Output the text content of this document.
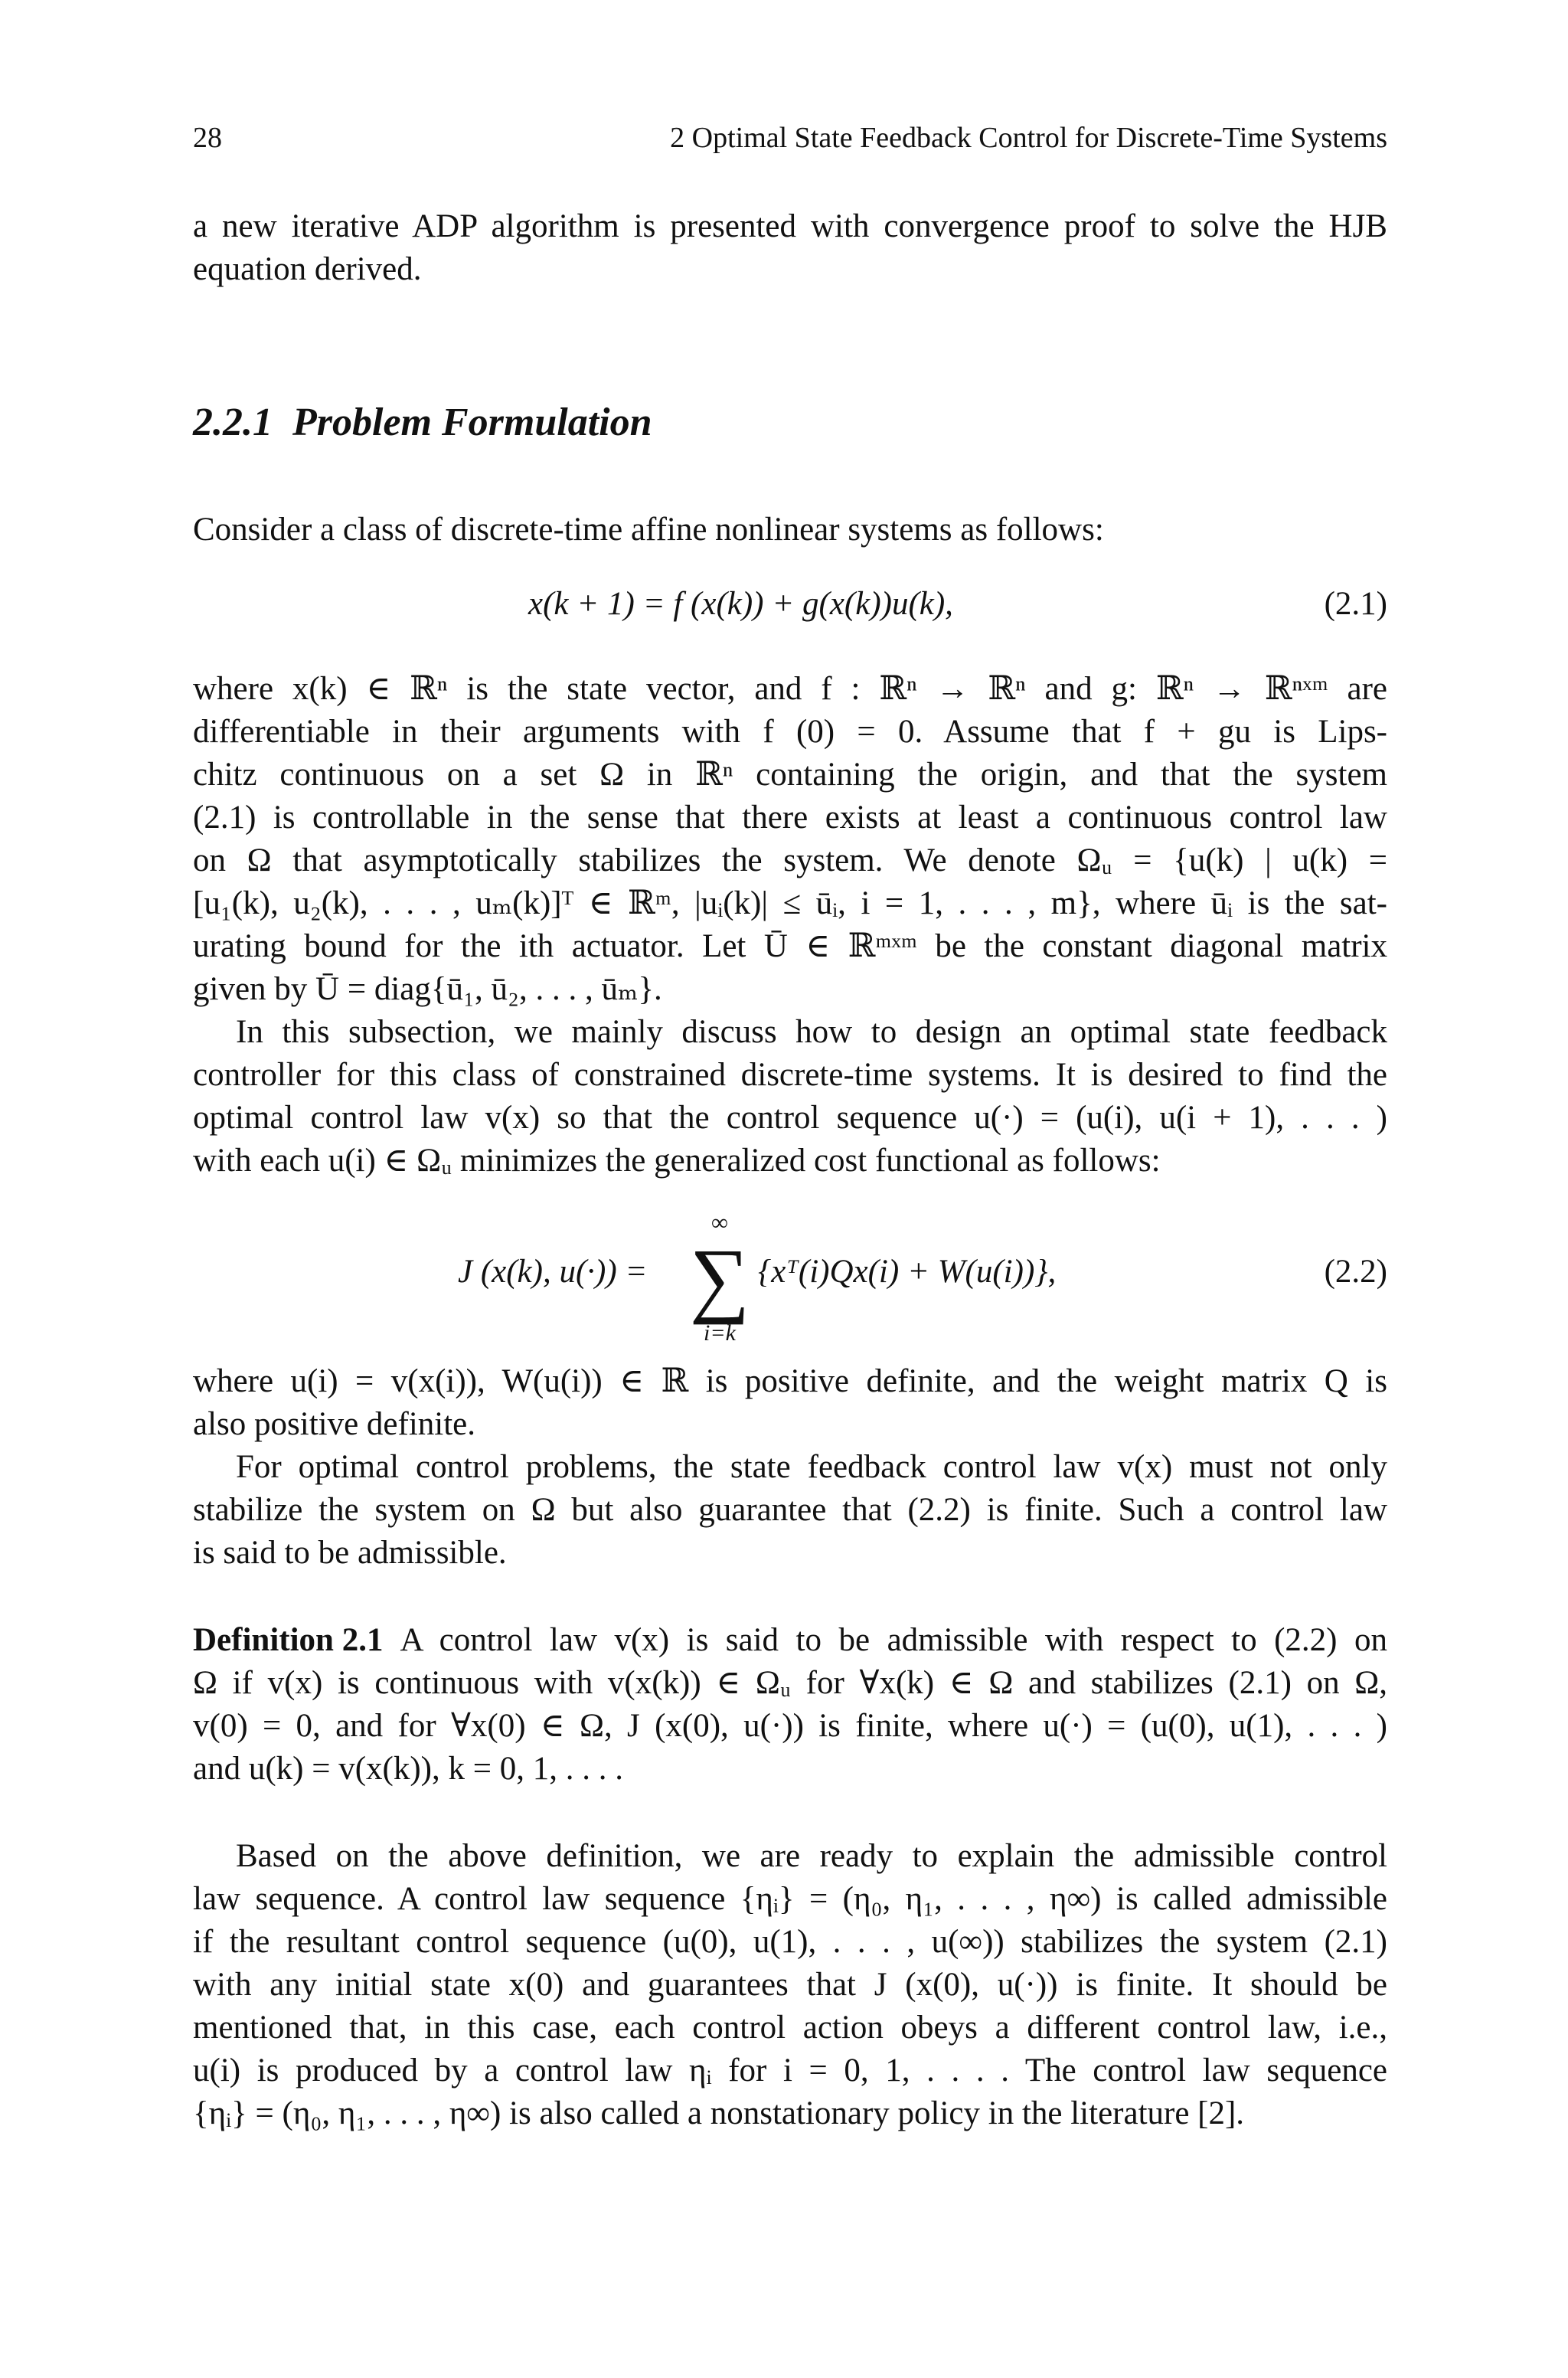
28	2 Optimal State Feedback Control for Discrete-Time Systems
a new iterative ADP algorithm is presented with convergence proof to solve the HJB
equation derived.
2.2.1 Problem Formulation
Consider a class of discrete-time affine nonlinear systems as follows:
x(k + 1) = f (x(k)) + g(x(k))u(k),	(2.1)
where x(k) ∈ ℝⁿ is the state vector, and f : ℝⁿ → ℝⁿ and g: ℝⁿ → ℝⁿˣᵐ are
differentiable in their arguments with f (0) = 0. Assume that f + gu is Lips-
chitz continuous on a set Ω in ℝⁿ containing the origin, and that the system
(2.1) is controllable in the sense that there exists at least a continuous control law
on Ω that asymptotically stabilizes the system. We denote Ωᵤ = {u(k) | u(k) =
[u₁(k), u₂(k), . . . , uₘ(k)]ᵀ ∈ ℝᵐ, |uᵢ(k)| ≤ ūᵢ, i = 1, . . . , m}, where ūᵢ is the sat-
urating bound for the ith actuator. Let Ū ∈ ℝᵐˣᵐ be the constant diagonal matrix
given by Ū = diag{ū₁, ū₂, . . . , ūₘ}.
In this subsection, we mainly discuss how to design an optimal state feedback
controller for this class of constrained discrete-time systems. It is desired to find the
optimal control law v(x) so that the control sequence u(·) = (u(i), u(i + 1), . . . )
with each u(i) ∈ Ωᵤ minimizes the generalized cost functional as follows:
J (x(k), u(·)) =
∞
∑
i=k
{xᵀ(i)Qx(i) + W(u(i))},	(2.2)
where u(i) = v(x(i)), W(u(i)) ∈ ℝ is positive definite, and the weight matrix Q is
also positive definite.
For optimal control problems, the state feedback control law v(x) must not only
stabilize the system on Ω but also guarantee that (2.2) is finite. Such a control law
is said to be admissible.
Definition 2.1 A control law v(x) is said to be admissible with respect to (2.2) on
Ω if v(x) is continuous with v(x(k)) ∈ Ωᵤ for ∀x(k) ∈ Ω and stabilizes (2.1) on Ω,
v(0) = 0, and for ∀x(0) ∈ Ω, J (x(0), u(·)) is finite, where u(·) = (u(0), u(1), . . . )
and u(k) = v(x(k)), k = 0, 1, . . . .
Based on the above definition, we are ready to explain the admissible control
law sequence. A control law sequence {ηᵢ} = (η₀, η₁, . . . , η∞) is called admissible
if the resultant control sequence (u(0), u(1), . . . , u(∞)) stabilizes the system (2.1)
with any initial state x(0) and guarantees that J (x(0), u(·)) is finite. It should be
mentioned that, in this case, each control action obeys a different control law, i.e.,
u(i) is produced by a control law ηᵢ for i = 0, 1, . . . . The control law sequence
{ηᵢ} = (η₀, η₁, . . . , η∞) is also called a nonstationary policy in the literature [2].
